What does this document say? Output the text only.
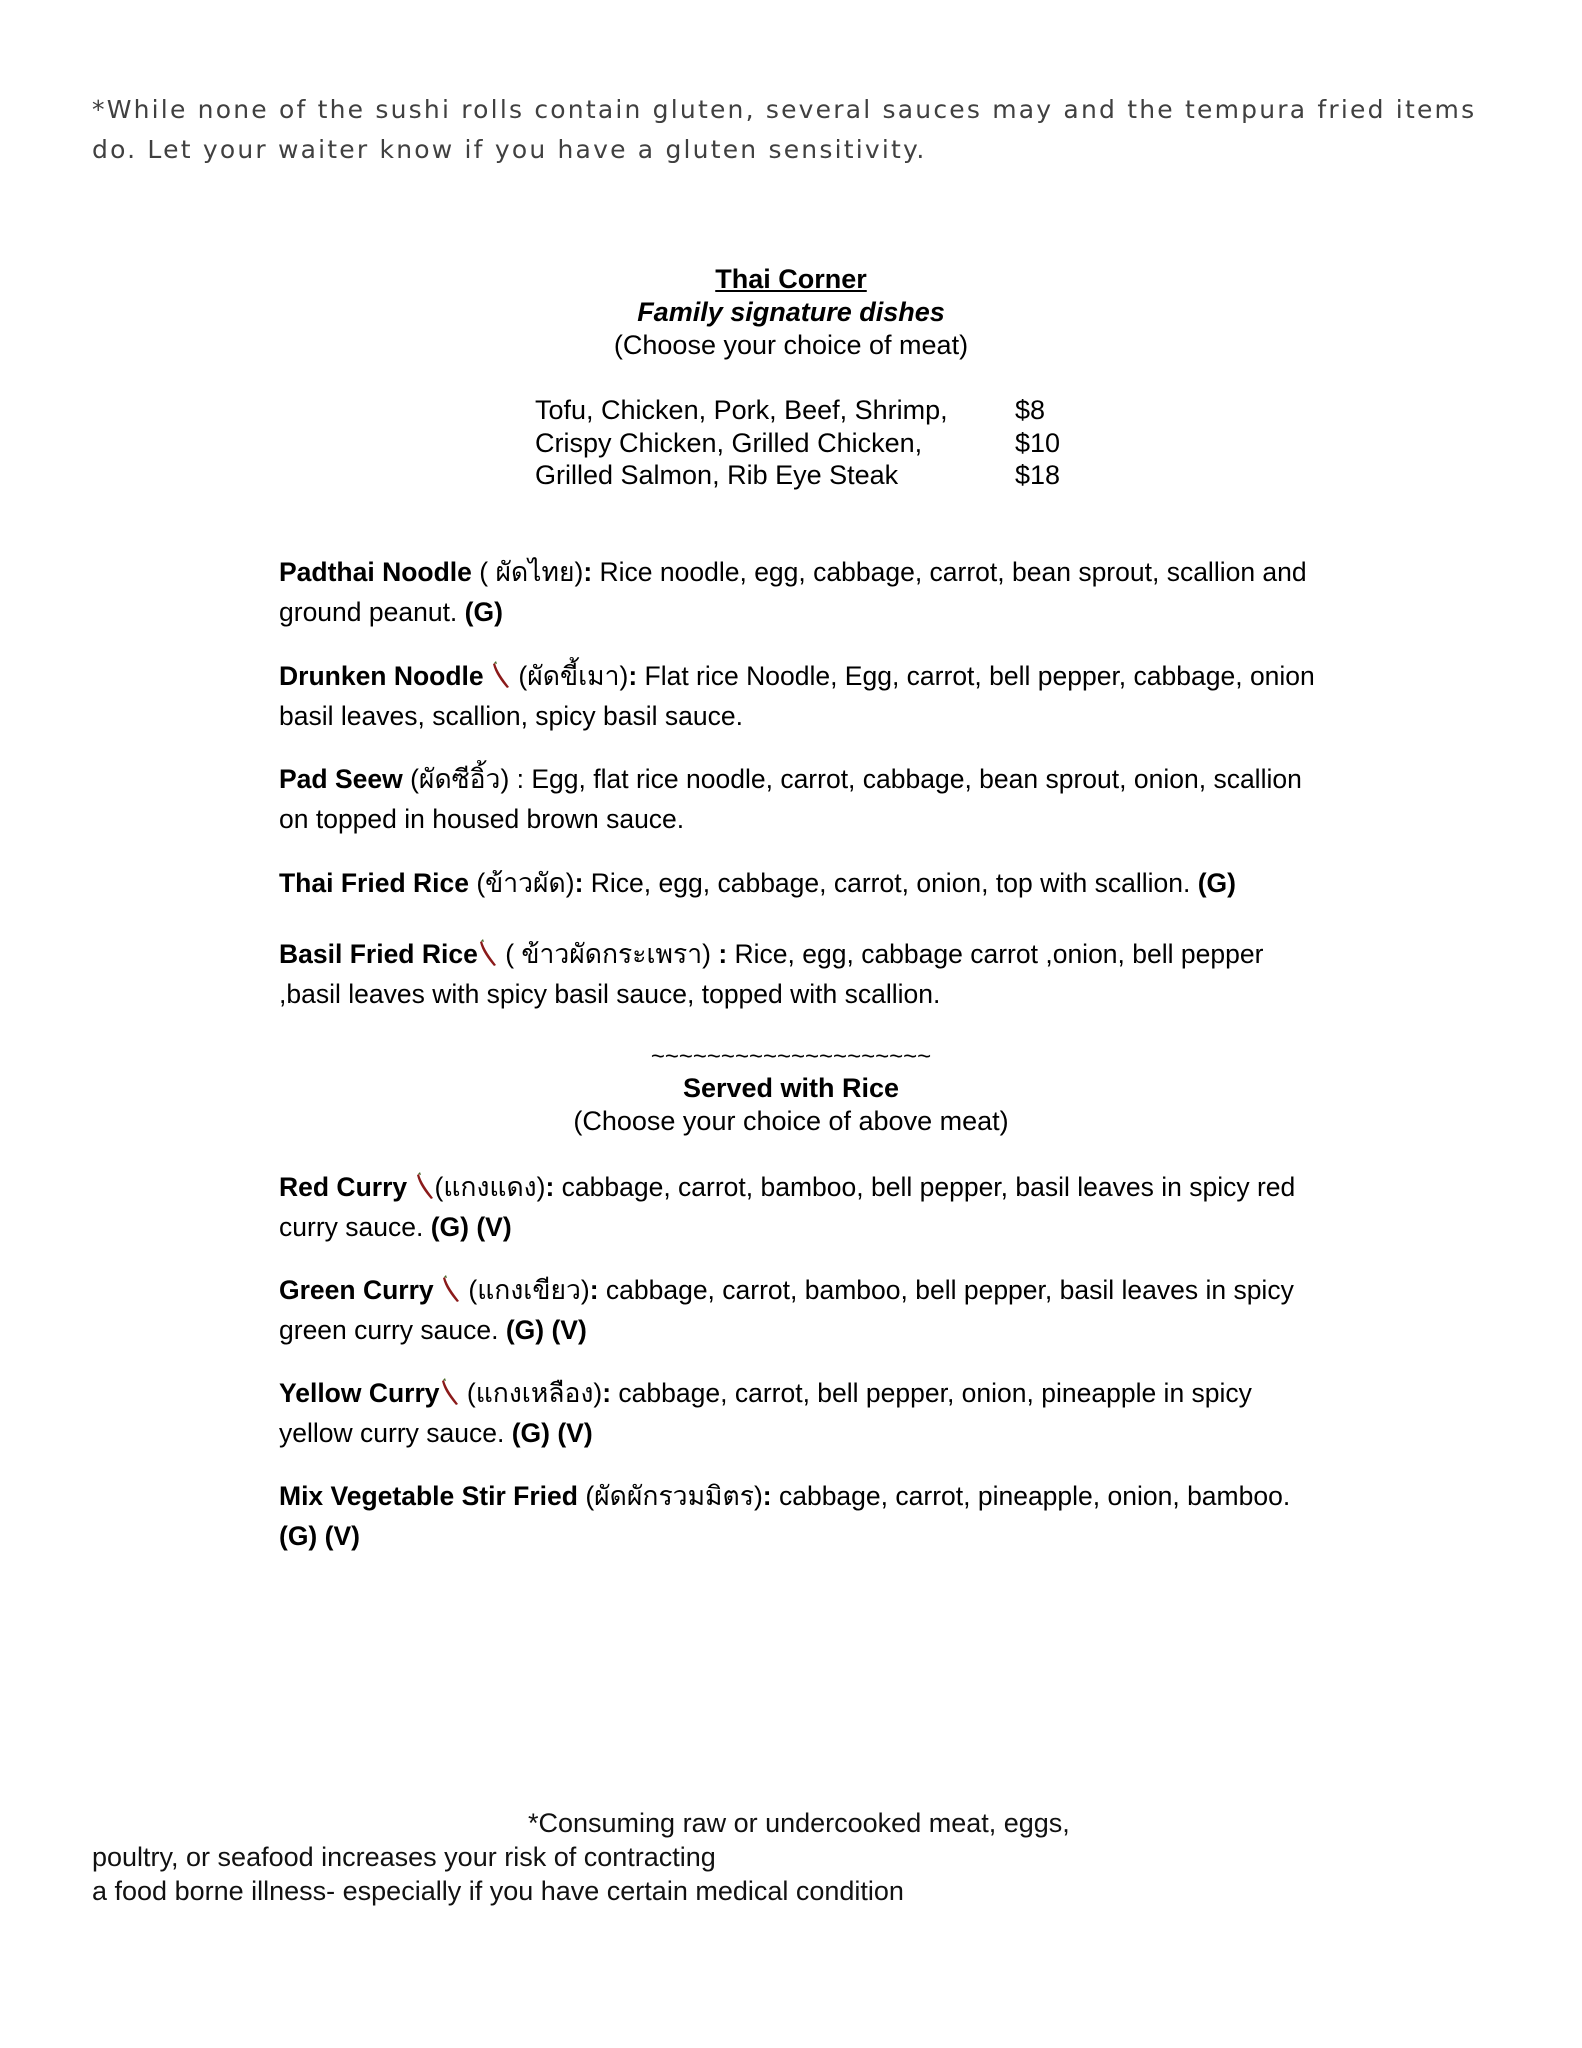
*While none of the sushi rolls contain gluten, several sauces may and the tempura fried items do. Let your waiter know if you have a gluten sensitivity.
Thai Corner
Family signature dishes
(Choose your choice of meat)
Tofu, Chicken, Pork, Beef, Shrimp,	$8
Crispy Chicken, Grilled Chicken,	$10
Grilled Salmon, Rib Eye Steak	$18
Padthai Noodle ( ผัดไทย): Rice noodle, egg, cabbage, carrot, bean sprout, scallion and ground peanut. (G)
Drunken Noodle  (ผัดขี้เมา): Flat rice Noodle, Egg, carrot, bell pepper, cabbage, onion basil leaves, scallion, spicy basil sauce.
Pad Seew (ผัดซีอิ้ว) : Egg, flat rice noodle, carrot, cabbage, bean sprout, onion, scallion on topped in housed brown sauce.
Thai Fried Rice (ข้าวผัด): Rice, egg, cabbage, carrot, onion, top with scallion. (G)
Basil Fried Rice ( ข้าวผัดกระเพรา) : Rice, egg, cabbage carrot ,onion, bell pepper ,basil leaves with spicy basil sauce, topped with scallion.
~~~~~~~~~~~~~~~~~~~~
Served with Rice
(Choose your choice of above meat)
Red Curry (แกงแดง): cabbage, carrot, bamboo, bell pepper, basil leaves in spicy red curry sauce. (G) (V)
Green Curry  (แกงเขียว): cabbage, carrot, bamboo, bell pepper, basil leaves in spicy green curry sauce. (G) (V)
Yellow Curry (แกงเหลือง): cabbage, carrot, bell pepper, onion, pineapple in spicy yellow curry sauce. (G) (V)
Mix Vegetable Stir Fried (ผัดผักรวมมิตร): cabbage, carrot, pineapple, onion, bamboo. (G) (V)
*Consuming raw or undercooked meat, eggs,
poultry, or seafood increases your risk of contracting
a food borne illness- especially if you have certain medical condition
